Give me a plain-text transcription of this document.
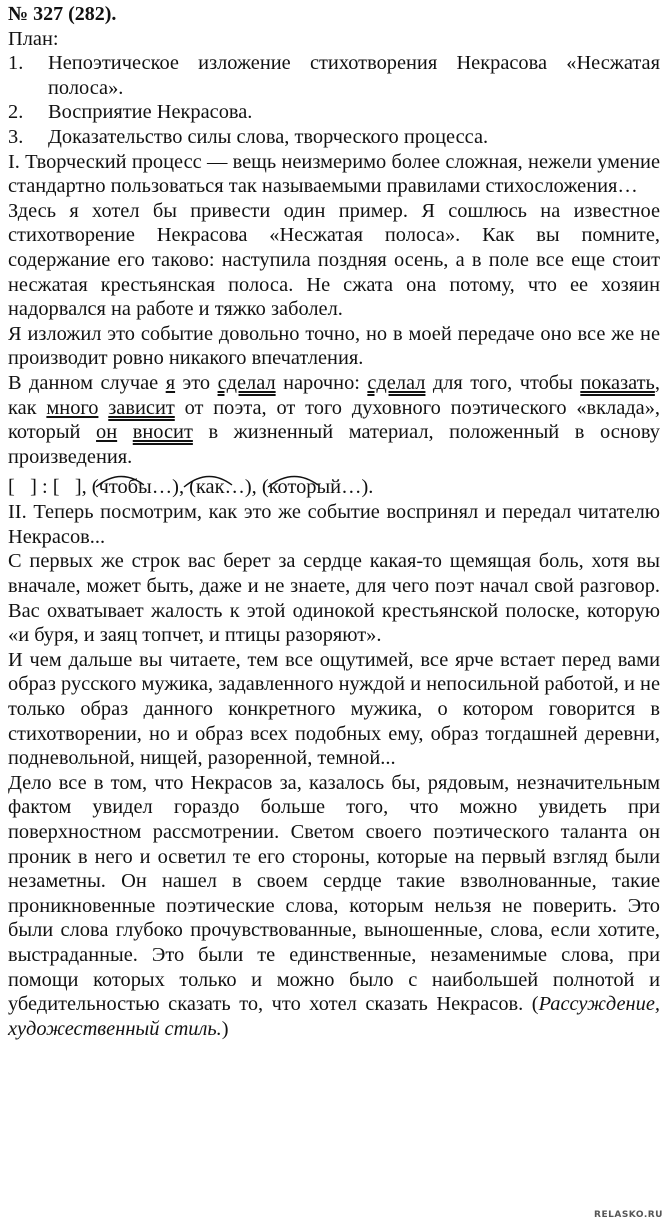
№ 327 (282).
План:
1.	Непоэтическое изложение стихотворения Некрасова «Несжатая полоса».
2.	Восприятие Некрасова.
3.	Доказательство силы слова, творческого процесса.
I. Творческий процесс — вещь неизмеримо более сложная, нежели умение стандартно пользоваться так называемыми правилами стихосложения…
Здесь я хотел бы привести один пример. Я сошлюсь на известное стихотворение Некрасова «Несжатая полоса». Как вы помните, содержание его таково: наступила поздняя осень, а в поле все еще стоит несжатая крестьянская полоса. Не сжата она потому, что ее хозяин надорвался на работе и тяжко заболел.
Я изложил это событие довольно точно, но в моей передаче оно все же не производит ровно никакого впечатления.
В данном случае я это сделал нарочно: сделал для того, чтобы показать, как много зависит от поэта, от того духовного поэтического «вклада», который он вносит в жизненный материал, положенный в основу произведения.
[   ] : [   ], (чтобы…), (как…), (который…).
II. Теперь посмотрим, как это же событие воспринял и передал читателю Некрасов...
С первых же строк вас берет за сердце какая-то щемящая боль, хотя вы вначале, может быть, даже и не знаете, для чего поэт начал свой разговор. Вас охватывает жалость к этой одинокой крестьянской полоске, которую «и буря, и заяц топчет, и птицы разоряют».
И чем дальше вы читаете, тем все ощутимей, все ярче встает перед вами образ русского мужика, задавленного нуждой и непосильной работой, и не только образ данного конкретного мужика, о котором говорится в стихотворении, но и образ всех подобных ему, образ тогдашней деревни, подневольной, нищей, разоренной, темной...
Дело все в том, что Некрасов за, казалось бы, рядовым, незначительным фактом увидел гораздо больше того, что можно увидеть при поверхностном рассмотрении. Светом своего поэтического таланта он проник в него и осветил те его стороны, которые на первый взгляд были незаметны. Он нашел в своем сердце такие взволнованные, такие проникновенные поэтические слова, которым нельзя не поверить. Это были слова глубоко прочувствованные, выношенные, слова, если хотите, выстраданные. Это были те единственные, незаменимые слова, при помощи которых только и можно было с наибольшей полнотой и убедительностью сказать то, что хотел сказать Некрасов. (Рассуждение, художественный стиль.)
RELASKO.RU
